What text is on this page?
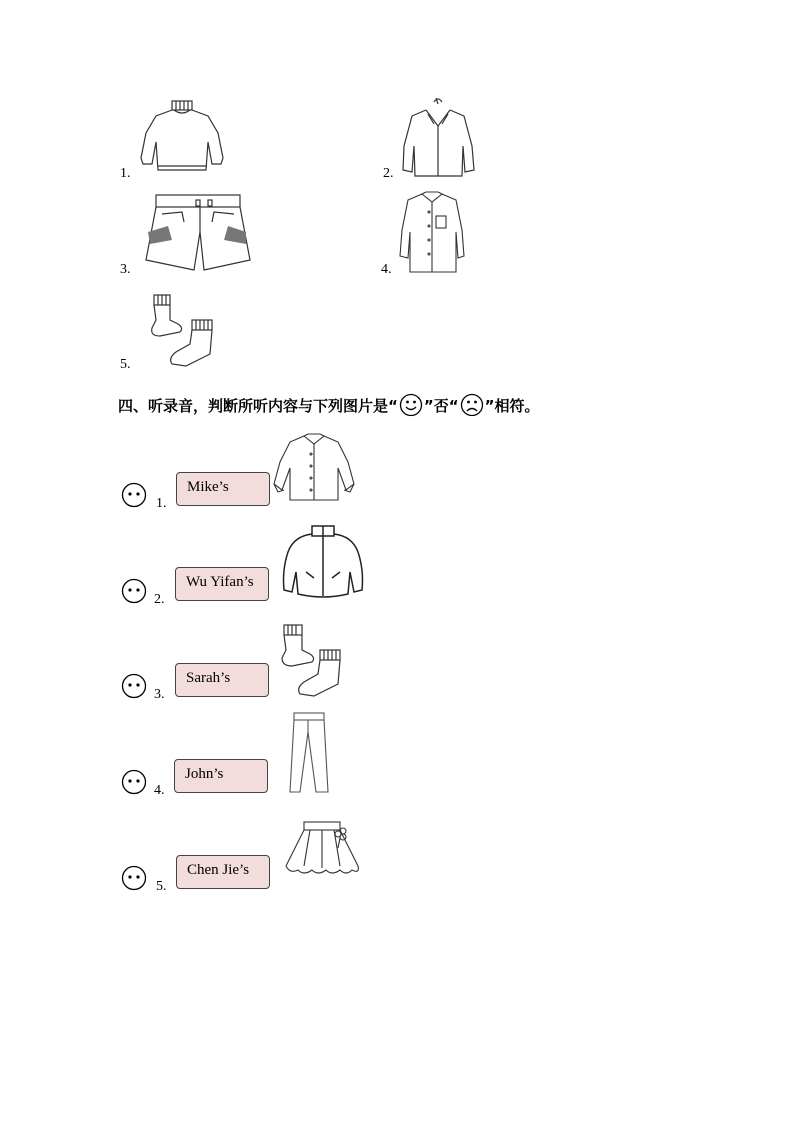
1.	2.
3.	4.
5.
四、听录音，判断所听内容与下列图片是“ ”否“ ”相符。
1.
Mike’s
2.
Wu Yifan’s
3.
Sarah’s
4.
John’s
5.
Chen Jie’s
